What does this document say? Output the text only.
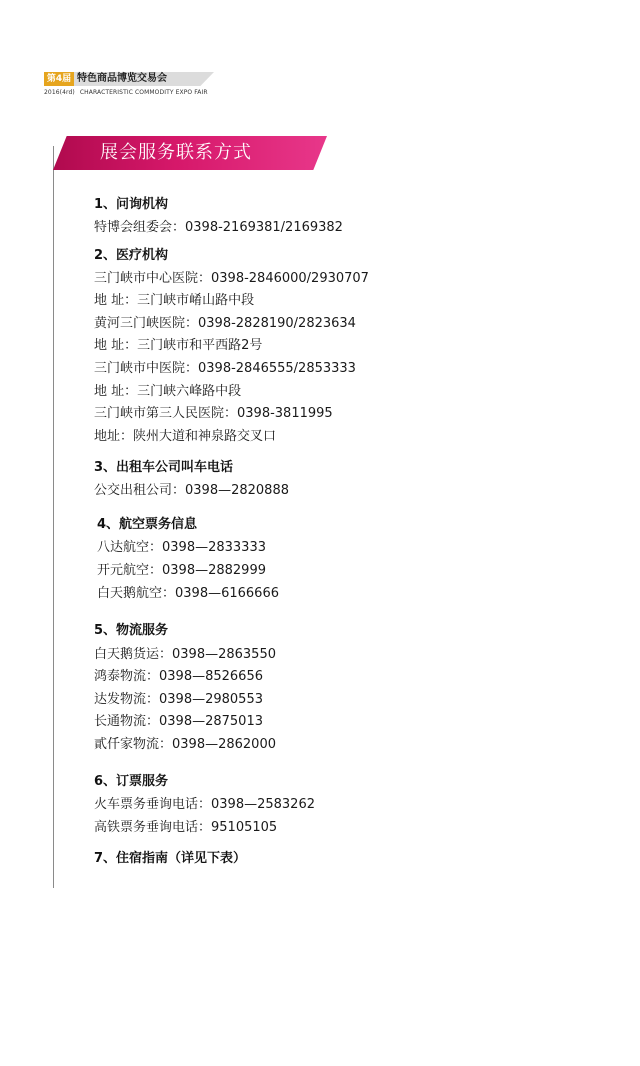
第4届 特色商品博览交易会
2016(4rd) CHARACTERISTIC COMMODITY EXPO FAIR
展会服务联系方式
1、问询机构
特博会组委会：0398-2169381/2169382
2、医疗机构
三门峡市中心医院：0398-2846000/2930707
地 址：三门峡市崤山路中段
黄河三门峡医院：0398-2828190/2823634
地 址：三门峡市和平西路2号
三门峡市中医院：0398-2846555/2853333
地 址：三门峡六峰路中段
三门峡市第三人民医院：0398-3811995
地址：陕州大道和神泉路交叉口
3、出租车公司叫车电话
公交出租公司：0398—2820888
4、航空票务信息
八达航空：0398—2833333
开元航空：0398—2882999
白天鹅航空：0398—6166666
5、物流服务
白天鹅货运：0398—2863550
鸿泰物流：0398—8526656
达发物流：0398—2980553
长通物流：0398—2875013
貳仟家物流：0398—2862000
6、订票服务
火车票务垂询电话：0398—2583262
高铁票务垂询电话：95105105
7、住宿指南（详见下表）
